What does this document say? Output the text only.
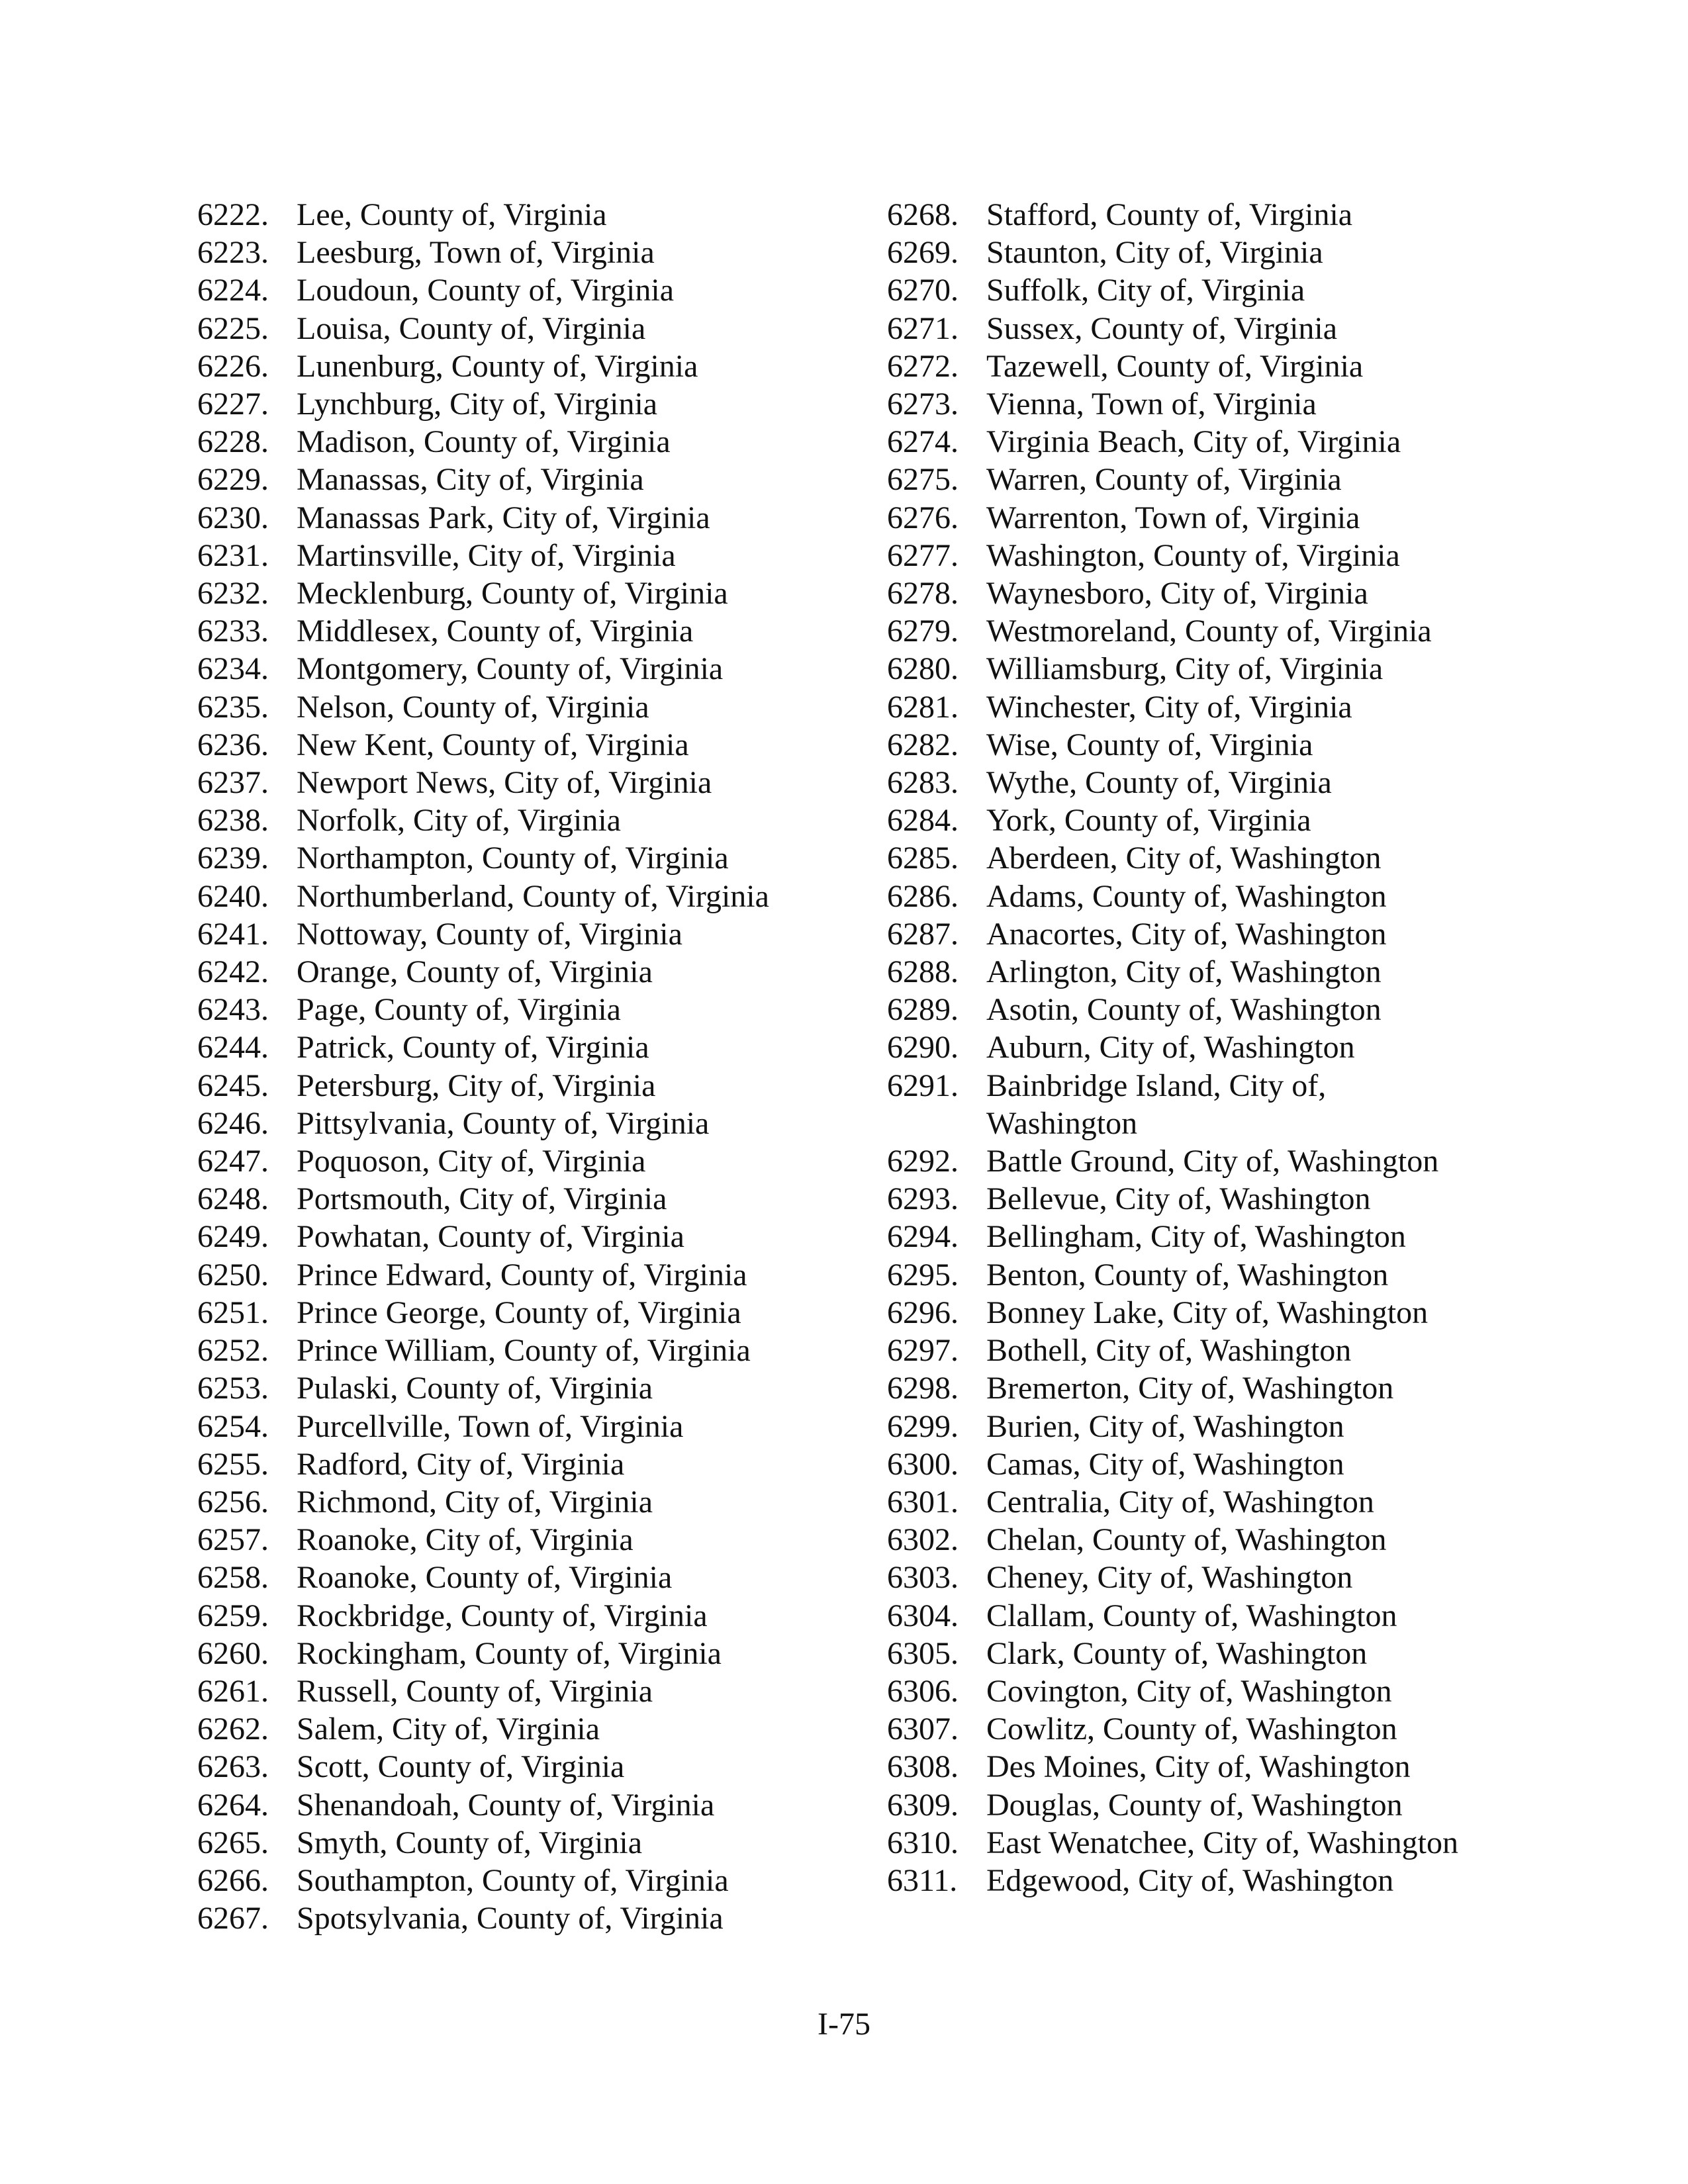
6222. Lee, County of, Virginia
6223. Leesburg, Town of, Virginia
6224. Loudoun, County of, Virginia
6225. Louisa, County of, Virginia
6226. Lunenburg, County of, Virginia
6227. Lynchburg, City of, Virginia
6228. Madison, County of, Virginia
6229. Manassas, City of, Virginia
6230. Manassas Park, City of, Virginia
6231. Martinsville, City of, Virginia
6232. Mecklenburg, County of, Virginia
6233. Middlesex, County of, Virginia
6234. Montgomery, County of, Virginia
6235. Nelson, County of, Virginia
6236. New Kent, County of, Virginia
6237. Newport News, City of, Virginia
6238. Norfolk, City of, Virginia
6239. Northampton, County of, Virginia
6240. Northumberland, County of, Virginia
6241. Nottoway, County of, Virginia
6242. Orange, County of, Virginia
6243. Page, County of, Virginia
6244. Patrick, County of, Virginia
6245. Petersburg, City of, Virginia
6246. Pittsylvania, County of, Virginia
6247. Poquoson, City of, Virginia
6248. Portsmouth, City of, Virginia
6249. Powhatan, County of, Virginia
6250. Prince Edward, County of, Virginia
6251. Prince George, County of, Virginia
6252. Prince William, County of, Virginia
6253. Pulaski, County of, Virginia
6254. Purcellville, Town of, Virginia
6255. Radford, City of, Virginia
6256. Richmond, City of, Virginia
6257. Roanoke, City of, Virginia
6258. Roanoke, County of, Virginia
6259. Rockbridge, County of, Virginia
6260. Rockingham, County of, Virginia
6261. Russell, County of, Virginia
6262. Salem, City of, Virginia
6263. Scott, County of, Virginia
6264. Shenandoah, County of, Virginia
6265. Smyth, County of, Virginia
6266. Southampton, County of, Virginia
6267. Spotsylvania, County of, Virginia
6268. Stafford, County of, Virginia
6269. Staunton, City of, Virginia
6270. Suffolk, City of, Virginia
6271. Sussex, County of, Virginia
6272. Tazewell, County of, Virginia
6273. Vienna, Town of, Virginia
6274. Virginia Beach, City of, Virginia
6275. Warren, County of, Virginia
6276. Warrenton, Town of, Virginia
6277. Washington, County of, Virginia
6278. Waynesboro, City of, Virginia
6279. Westmoreland, County of, Virginia
6280. Williamsburg, City of, Virginia
6281. Winchester, City of, Virginia
6282. Wise, County of, Virginia
6283. Wythe, County of, Virginia
6284. York, County of, Virginia
6285. Aberdeen, City of, Washington
6286. Adams, County of, Washington
6287. Anacortes, City of, Washington
6288. Arlington, City of, Washington
6289. Asotin, County of, Washington
6290. Auburn, City of, Washington
6291. Bainbridge Island, City of, Washington
6292. Battle Ground, City of, Washington
6293. Bellevue, City of, Washington
6294. Bellingham, City of, Washington
6295. Benton, County of, Washington
6296. Bonney Lake, City of, Washington
6297. Bothell, City of, Washington
6298. Bremerton, City of, Washington
6299. Burien, City of, Washington
6300. Camas, City of, Washington
6301. Centralia, City of, Washington
6302. Chelan, County of, Washington
6303. Cheney, City of, Washington
6304. Clallam, County of, Washington
6305. Clark, County of, Washington
6306. Covington, City of, Washington
6307. Cowlitz, County of, Washington
6308. Des Moines, City of, Washington
6309. Douglas, County of, Washington
6310. East Wenatchee, City of, Washington
6311. Edgewood, City of, Washington
I-75
